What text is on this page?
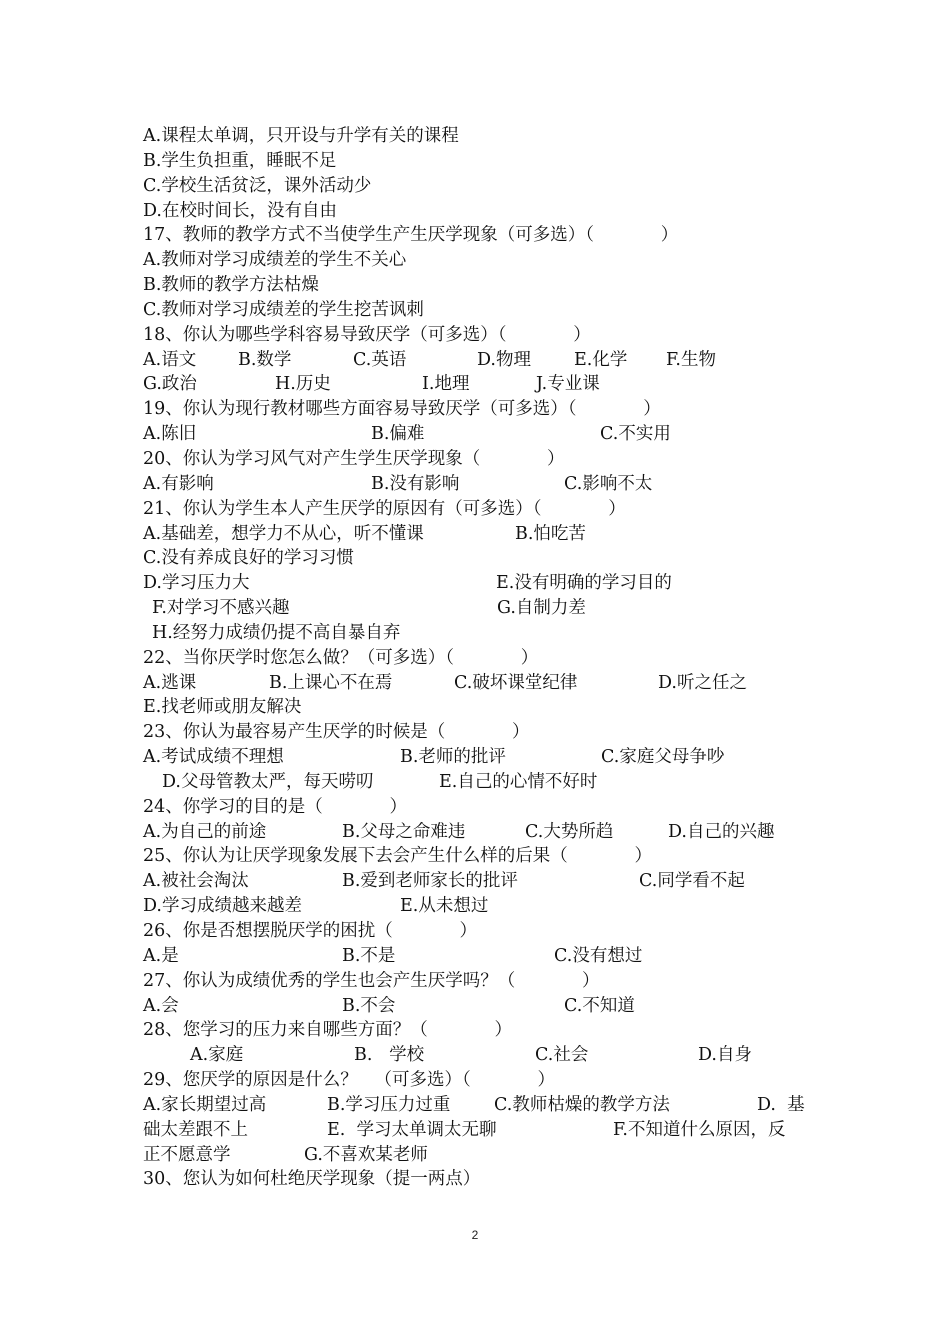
A.课程太单调，只开设与升学有关的课程
B.学生负担重，睡眠不足
C.学校生活贫泛，课外活动少
D.在校时间长，没有自由
17、教师的教学方式不当使学生产生厌学现象（可多选）（            ）
A.教师对学习成绩差的学生不关心
B.教师的教学方法枯燥
C.教师对学习成绩差的学生挖苦讽刺
18、你认为哪些学科容易导致厌学（可多选）（            ）

A.语文

B.数学

	C.英语

	D.物理

E.化学

F.生物

G.政治

	H.历史

	I.地理

	J.专业课

19、你认为现行教材哪些方面容易导致厌学（可多选）（            ）

A.陈旧

	B.偏难

	C.不实用

20、你认为学习风气对产生学生厌学现象（            ）

A.有影响

	B.没有影响

	C.影响不太

21、你认为学生本人产生厌学的原因有（可多选）（            ）

A.基础差，想学力不从心，听不懂课

	B.怕吃苦

C.没有养成良好的学习习惯

D.学习压力大

	E.没有明确的学习目的

F.对学习不感兴趣

	G.自制力差

H.经努力成绩仍提不高自暴自弃
22、当你厌学时您怎么做？（可多选）（            ）

A.逃课

	B.上课心不在焉

	C.破坏课堂纪律

	D.听之任之

E.找老师或朋友解决
23、你认为最容易产生厌学的时候是（            ）

A.考试成绩不理想

	B.老师的批评

	C.家庭父母争吵

D.父母管教太严，每天唠叨

	E.自己的心情不好时

24、你学习的目的是（            ）

A.为自己的前途

	B.父母之命难违

	C.大势所趋

	D.自己的兴趣

25、你认为让厌学现象发展下去会产生什么样的后果（            ）

A.被社会淘汰

	B.爱到老师家长的批评

	C.同学看不起

D.学习成绩越来越差

	E.从未想过

26、你是否想摆脱厌学的困扰（            ）

A.是

	B.不是

	C.没有想过

27、你认为成绩优秀的学生也会产生厌学吗？（            ）

A.会

	B.不会

	C.不知道

28、您学习的压力来自哪些方面？（            ）

A.家庭

	B.   学校

	C.社会

	D.自身

29、您厌学的原因是什么？   （可多选）（            ）

A.家长期望过高

	B.学习压力过重

C.教师枯燥的教学方法

	D.  基

础太差跟不上

	E.  学习太单调太无聊

	F.不知道什么原因，反

正不愿意学

	G.不喜欢某老师

30、您认为如何杜绝厌学现象（提一两点）
2
